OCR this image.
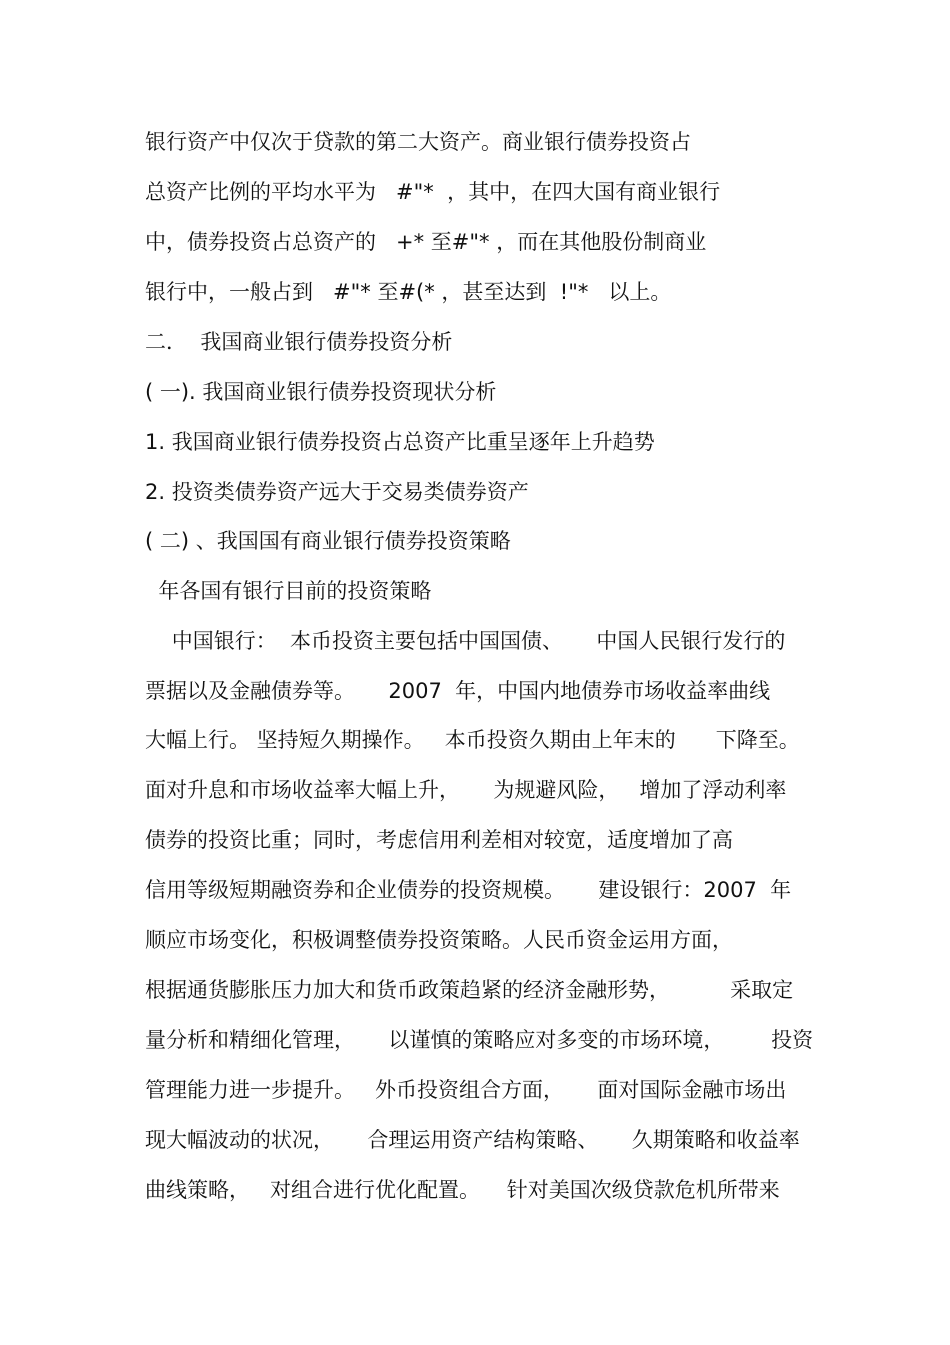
银行资产中仅次于贷款的第二大资产。商业银行债券投资占
总资产比例的平均水平为   #"*  ，其中，在四大国有商业银行
中，债券投资占总资产的   +* 至#"* ，而在其他股份制商业
银行中，一般占到   #"* 至#(* ，甚至达到  !"*   以上。
二．  我国商业银行债券投资分析
( 一). 我国商业银行债券投资现状分析
1. 我国商业银行债券投资占总资产比重呈逐年上升趋势
2. 投资类债券资产远大于交易类债券资产
( 二) 、我国国有商业银行债券投资策略
年各国有银行目前的投资策略
中国银行：  本币投资主要包括中国国债、     中国人民银行发行的
票据以及金融债券等。     2007  年，中国内地债券市场收益率曲线
大幅上行。 坚持短久期操作。   本币投资久期由上年末的      下降至。
面对升息和市场收益率大幅上升，     为规避风险，   增加了浮动利率
债券的投资比重；同时，考虑信用利差相对较宽，适度增加了高
信用等级短期融资券和企业债券的投资规模。     建设银行：2007  年
顺应市场变化，积极调整债券投资策略。人民币资金运用方面，
根据通货膨胀压力加大和货币政策趋紧的经济金融形势，         采取定
量分析和精细化管理，     以谨慎的策略应对多变的市场环境，       投资
管理能力进一步提升。   外币投资组合方面，     面对国际金融市场出
现大幅波动的状况，     合理运用资产结构策略、     久期策略和收益率
曲线策略，   对组合进行优化配置。    针对美国次级贷款危机所带来
